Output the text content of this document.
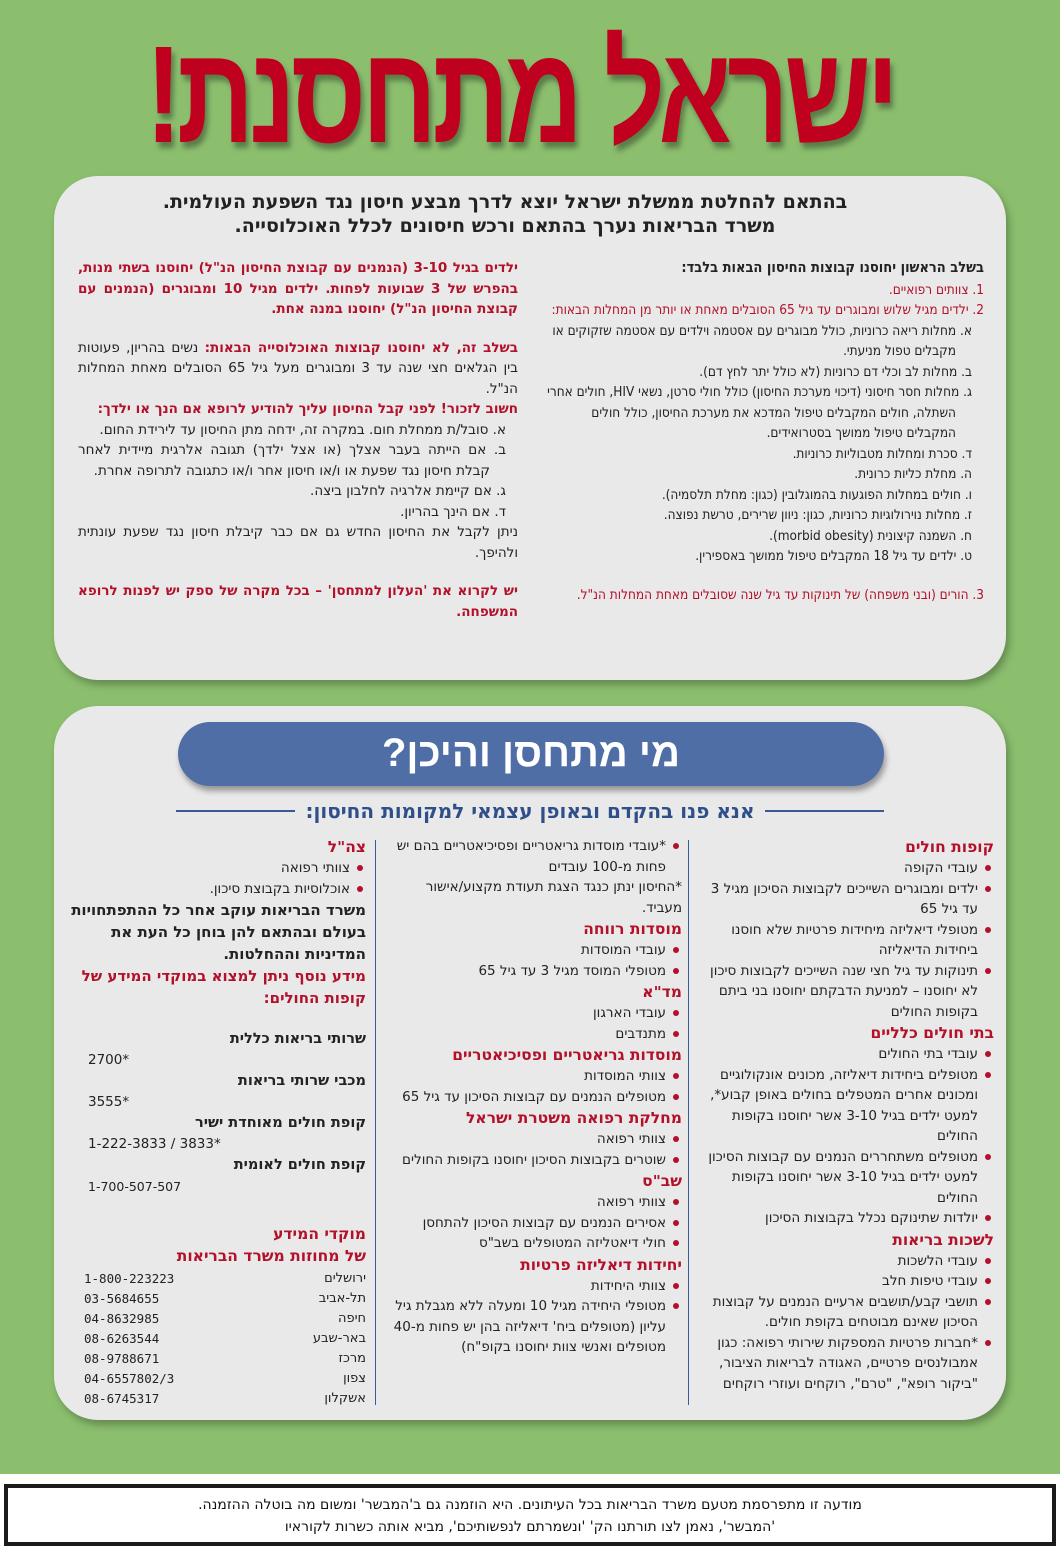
ישראל מתחסנת!
בהתאם להחלטת ממשלת ישראל יוצא לדרך מבצע חיסון נגד השפעת העולמית.
משרד הבריאות נערך בהתאם ורכש חיסונים לכלל האוכלוסייה.
בשלב הראשון יחוסנו קבוצות החיסון הבאות בלבד:
1. צוותים רפואיים.
2. ילדים מגיל שלוש ומבוגרים עד גיל 65 הסובלים מאחת או יותר מן המחלות הבאות:
א. מחלות ריאה כרוניות, כולל מבוגרים עם אסטמה וילדים עם אסטמה שזקוקים או מקבלים טפול מניעתי.
ב. מחלות לב וכלי דם כרוניות (לא כולל יתר לחץ דם).
ג. מחלות חסר חיסוני (דיכוי מערכת החיסון) כולל חולי סרטן, נשאי HIV, חולים אחרי השתלה, חולים המקבלים טיפול המדכא את מערכת החיסון, כולל חולים המקבלים טיפול ממושך בסטרואידים.
ד. סכרת ומחלות מטבוליות כרוניות.
ה. מחלת כליות כרונית.
ו. חולים במחלות הפוגעות בהמוגלובין (כגון: מחלת תלסמיה).
ז. מחלות נוירולוגיות כרוניות, כגון: ניוון שרירים, טרשת נפוצה.
ח. השמנה קיצונית (morbid obesity).
ט. ילדים עד גיל 18 המקבלים טיפול ממושך באספירין.
3. הורים (ובני משפחה) של תינוקות עד גיל שנה שסובלים מאחת המחלות הנ"ל.
ילדים בגיל 3-10 (הנמנים עם קבוצת החיסון הנ"ל) יחוסנו בשתי מנות, בהפרש של 3 שבועות לפחות. ילדים מגיל 10 ומבוגרים (הנמנים עם קבוצת החיסון הנ"ל) יחוסנו במנה אחת.
בשלב זה, לא יחוסנו קבוצות האוכלוסייה הבאות: נשים בהריון, פעוטות בין הגלאים חצי שנה עד 3 ומבוגרים מעל גיל 65 הסובלים מאחת המחלות הנ"ל.
חשוב לזכור! לפני קבל החיסון עליך להודיע לרופא אם הנך או ילדך:
א. סובל/ת ממחלת חום. במקרה זה, ידחה מתן החיסון עד לירידת החום.
ב. אם הייתה בעבר אצלך (או אצל ילדך) תגובה אלרגית מיידית לאחר קבלת חיסון נגד שפעת או ו/או חיסון אחר ו/או כתגובה לתרופה אחרת.
ג. אם קיימת אלרגיה לחלבון ביצה.
ד. אם הינך בהריון.
ניתן לקבל את החיסון החדש גם אם כבר קיבלת חיסון נגד שפעת עונתית ולהיפך.
יש לקרוא את 'העלון למתחסן' – בכל מקרה של ספק יש לפנות לרופא המשפחה.
מי מתחסן והיכן?
אנא פנו בהקדם ובאופן עצמאי למקומות החיסון:
קופות חולים
עובדי הקופה
ילדים ומבוגרים השייכים לקבוצות הסיכון מגיל 3 עד גיל 65
מטופלי דיאליזה מיחידות פרטיות שלא חוסנו ביחידות הדיאליזה
תינוקות עד גיל חצי שנה השייכים לקבוצות סיכון לא יחוסנו – למניעת הדבקתם יחוסנו בני ביתם בקופות החולים
בתי חולים כלליים
עובדי בתי החולים
מטופלים ביחידות דיאליזה, מכונים אונקולוגיים ומכונים אחרים המטפלים בחולים באופן קבוע*, למעט ילדים בגיל 3-10 אשר יחוסנו בקופות החולים
מטופלים משתחררים הנמנים עם קבוצות הסיכון למעט ילדים בגיל 3-10 אשר יחוסנו בקופות החולים
יולדות שתינוקם נכלל בקבוצות הסיכון
לשכות בריאות
עובדי הלשכות
עובדי טיפות חלב
תושבי קבע/תושבים ארעיים הנמנים על קבוצות הסיכון שאינם מבוטחים בקופת חולים.
*חברות פרטיות המספקות שירותי רפואה: כגון אמבולנסים פרטיים, האגודה לבריאות הציבור, "ביקור רופא", "טרם", רוקחים ועוזרי רוקחים
*עובדי מוסדות גריאטריים ופסיכיאטריים בהם יש פחות מ-100 עובדים
*החיסון ינתן כנגד הצגת תעודת מקצוע/אישור מעביד.
מוסדות רווחה
עובדי המוסדות
מטופלי המוסד מגיל 3 עד גיל 65
מד"א
עובדי הארגון
מתנדבים
מוסדות גריאטריים ופסיכיאטריים
צוותי המוסדות
מטופלים הנמנים עם קבוצות הסיכון עד גיל 65
מחלקת רפואה משטרת ישראל
צוותי רפואה
שוטרים בקבוצות הסיכון יחוסנו בקופות החולים
שב"ס
צוותי רפואה
אסירים הנמנים עם קבוצות הסיכון להתחסן
חולי דיאטליזה המטופלים בשב"ס
יחידות דיאליזה פרטיות
צוותי היחידות
מטופלי היחידה מגיל 10 ומעלה ללא מגבלת גיל עליון (מטופלים ביח' דיאליזה בהן יש פחות מ-40 מטופלים ואנשי צוות יחוסנו בקופ"ח)
צה"ל
צוותי רפואה
אוכלוסיות בקבוצת סיכון.
משרד הבריאות עוקב אחר כל ההתפתחויות בעולם ובהתאם להן בוחן כל העת את המדיניות וההחלטות.
מידע נוסף ניתן למצוא במוקדי המידע של קופות החולים:
שרותי בריאות כללית
*2700
מכבי שרותי בריאות
*3555
קופת חולים מאוחדת ישיר
*3833 / 1-222-3833
קופת חולים לאומית
1-700-507-507
מוקדי המידע
של מחוזות משרד הבריאות
ירושלים	1-800-223223
תל-אביב	03-5684655
חיפה	04-8632985
באר-שבע	08-6263544
מרכז	08-9788671
צפון	04-6557802/3
אשקלון	08-6745317
מודעה זו מתפרסמת מטעם משרד הבריאות בכל העיתונים. היא הוזמנה גם ב'המבשר' ומשום מה בוטלה ההזמנה.
'המבשר', נאמן לצו תורתנו הק' 'ונשמרתם לנפשותיכם', מביא אותה כשרות לקוראיו
